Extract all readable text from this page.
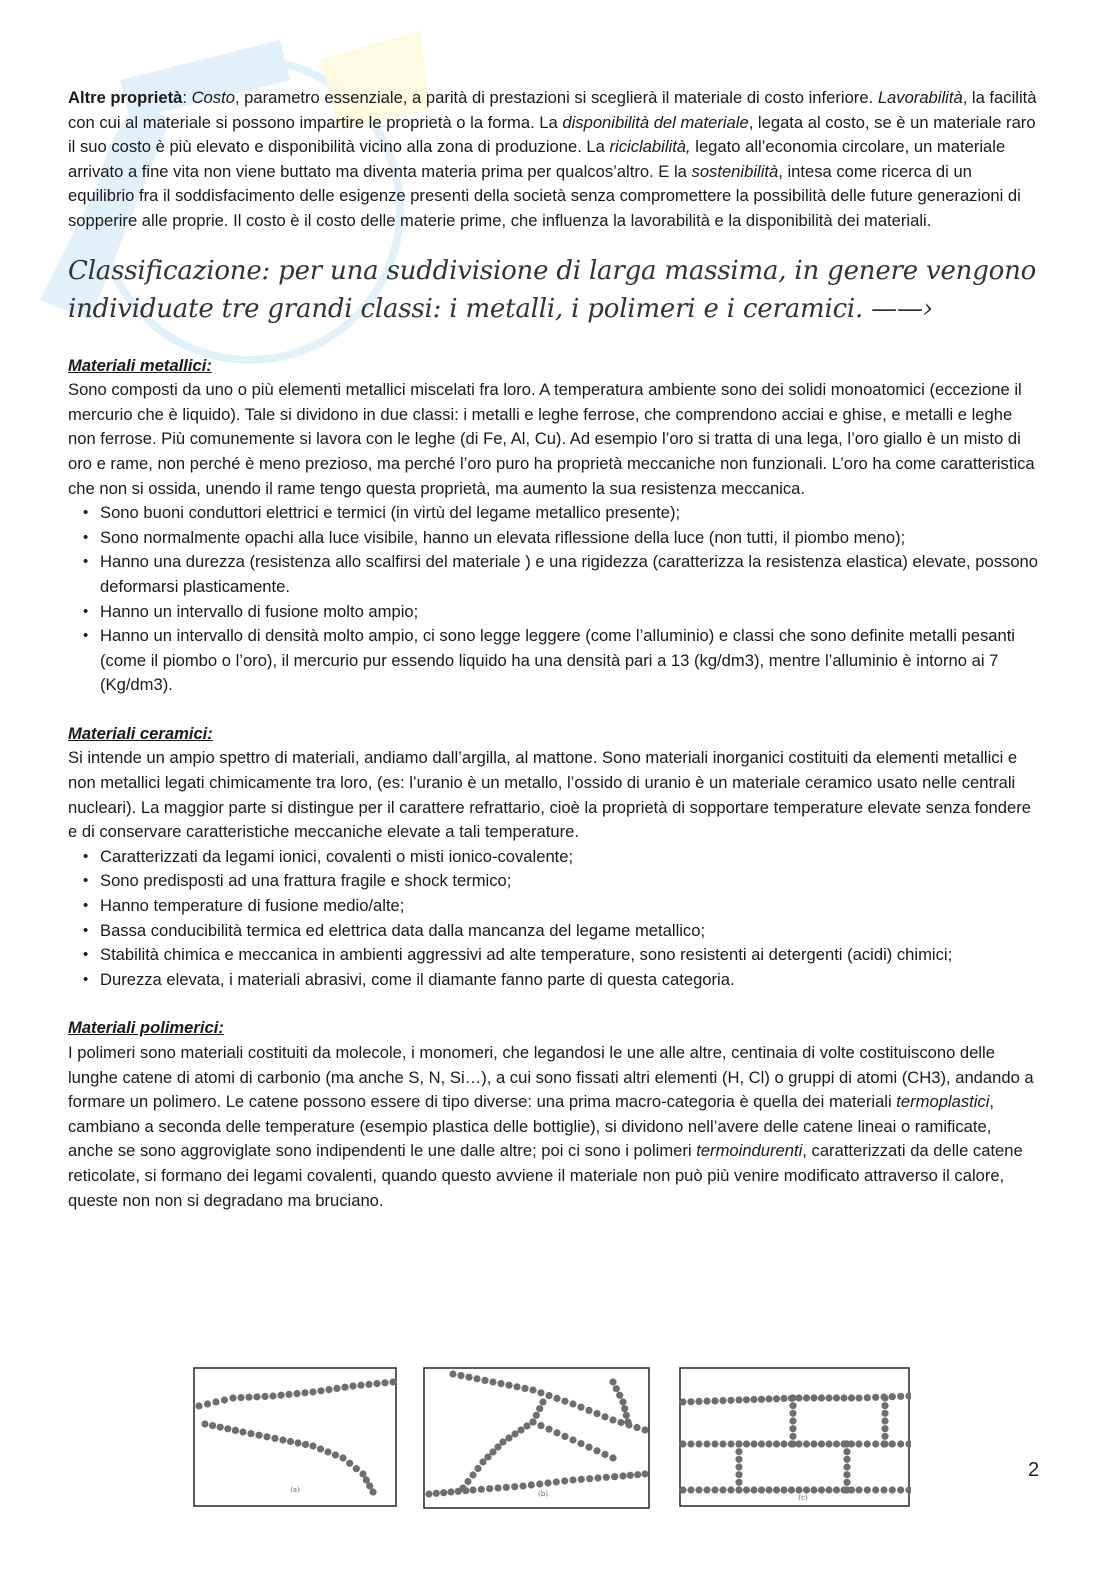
Altre proprietà: Costo, parametro essenziale, a parità di prestazioni si sceglierà il materiale di costo inferiore. Lavorabilità, la facilità con cui al materiale si possono impartire le proprietà o la forma. La disponibilità del materiale, legata al costo, se è un materiale raro il suo costo è più elevato e disponibilità vicino alla zona di produzione. La riciclabilità, legato all’economia circolare, un materiale arrivato a fine vita non viene buttato ma diventa materia prima per qualcos’altro. E la sostenibilità, intesa come ricerca di un equilibrio fra il soddisfacimento delle esigenze presenti della società senza compromettere la possibilità delle future generazioni di sopperire alle proprie. Il costo è il costo delle materie prime, che influenza la lavorabilità e la disponibilità dei materiali.

Classificazione: per una suddivisione di larga massima, in genere vengono individuate tre grandi classi: i metalli, i polimeri e i ceramici. ——›

Materiali metallici:

Sono composti da uno o più elementi metallici miscelati fra loro. A temperatura ambiente sono dei solidi monoatomici (eccezione il mercurio che è liquido). Tale si dividono in due classi: i metalli e leghe ferrose, che comprendono acciai e ghise, e metalli e leghe non ferrose. Più comunemente si lavora con le leghe (di Fe, Al, Cu). Ad esempio l’oro si tratta di una lega, l’oro giallo è un misto di oro e rame, non perché è meno prezioso, ma perché l’oro puro ha proprietà meccaniche non funzionali. L’oro ha come caratteristica che non si ossida, unendo il rame tengo questa proprietà, ma aumento la sua resistenza meccanica.

• Sono buoni conduttori elettrici e termici (in virtù del legame metallico presente);
• Sono normalmente opachi alla luce visibile, hanno un elevata riflessione della luce (non tutti, il piombo meno);
• Hanno una durezza (resistenza allo scalfirsi del materiale ) e una rigidezza (caratterizza la resistenza elastica) elevate, possono deformarsi plasticamente.
• Hanno un intervallo di fusione molto ampio;
• Hanno un intervallo di densità molto ampio, ci sono legge leggere (come l’alluminio) e classi che sono definite metalli pesanti (come il piombo o l’oro), il mercurio pur essendo liquido ha una densità pari a 13 (kg/dm3), mentre l’alluminio è intorno ai 7 (Kg/dm3).

Materiali ceramici:

Si intende un ampio spettro di materiali, andiamo dall’argilla, al mattone. Sono materiali inorganici costituiti da elementi metallici e non metallici legati chimicamente tra loro, (es: l’uranio è un metallo, l’ossido di uranio è un materiale ceramico usato nelle centrali nucleari). La maggior parte si distingue per il carattere refrattario, cioè la proprietà di sopportare temperature elevate senza fondere e di conservare caratteristiche meccaniche elevate a tali temperature.

• Caratterizzati da legami ionici, covalenti o misti ionico-covalente;
• Sono predisposti ad una frattura fragile e shock termico;
• Hanno temperature di fusione medio/alte;
• Bassa conducibilità termica ed elettrica data dalla mancanza del legame metallico;
• Stabilità chimica e meccanica in ambienti aggressivi ad alte temperature, sono resistenti ai detergenti (acidi) chimici;
• Durezza elevata, i materiali abrasivi, come il diamante fanno parte di questa categoria.

Materiali polimerici:

I polimeri sono materiali costituiti da molecole, i monomeri, che legandosi le une alle altre, centinaia di volte costituiscono delle lunghe catene di atomi di carbonio (ma anche S, N, Si…), a cui sono fissati altri elementi (H, Cl) o gruppi di atomi (CH3), andando a formare un polimero. Le catene possono essere di tipo diverse: una prima macro-categoria è quella dei materiali termoplastici, cambiano a seconda delle temperature (esempio plastica delle bottiglie), si dividono nell’avere delle catene lineai o ramificate, anche se sono aggroviglate sono indipendenti le une dalle altre; poi ci sono i polimeri termoindurenti, caratterizzati da delle catene reticolate, si formano dei legami covalenti, quando questo avviene il materiale non può più venire modificato attraverso il calore, queste non non si degradano ma bruciano.

(a)	(b)	(c)
2
